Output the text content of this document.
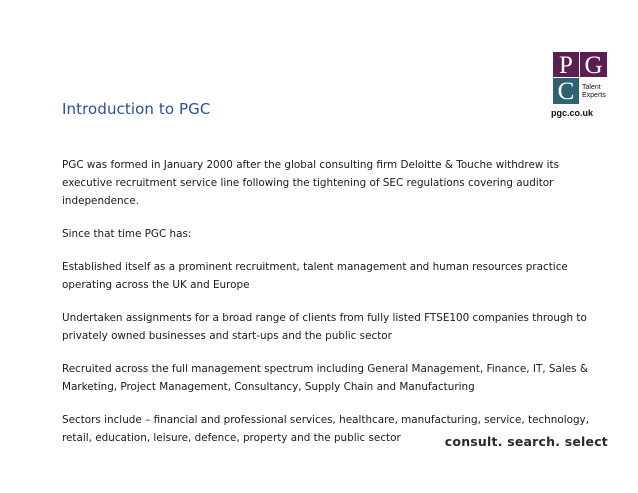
Introduction to PGC
P G
C Talent
Experts
pgc.co.uk

PGC was formed in January 2000 after the global consulting firm Deloitte & Touche withdrew its executive recruitment service line following the tightening of SEC regulations covering auditor independence.

Since that time PGC has:

Established itself as a prominent recruitment, talent management and human resources practice operating across the UK and Europe

Undertaken assignments for a broad range of clients from fully listed FTSE100 companies through to privately owned businesses and start-ups and the public sector

Recruited across the full management spectrum including General Management, Finance, IT, Sales & Marketing, Project Management, Consultancy, Supply Chain and Manufacturing

Sectors include – financial and professional services, healthcare, manufacturing, service, technology, retail, education, leisure, defence, property and the public sector	consult. search. select
